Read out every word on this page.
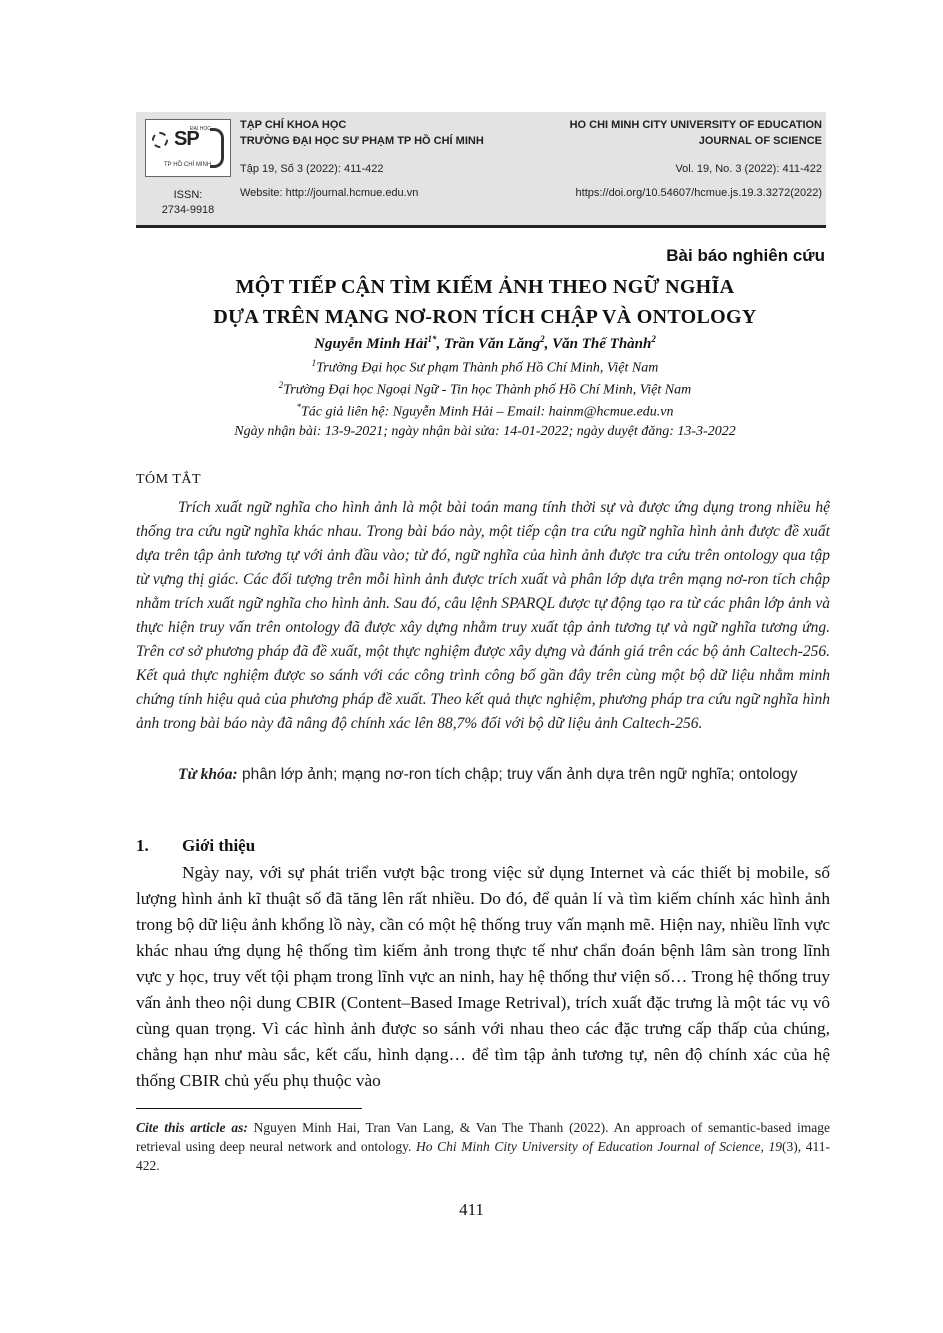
ĐẠI HỌC
SP
TP HỒ CHÍ MINH
ISSN:
2734-9918
TẠP CHÍ KHOA HỌC
TRƯỜNG ĐẠI HỌC SƯ PHẠM TP HỒ CHÍ MINH
Tập 19, Số 3 (2022): 411-422
Website: http://journal.hcmue.edu.vn
HO CHI MINH CITY UNIVERSITY OF EDUCATION
JOURNAL OF SCIENCE
Vol. 19, No. 3 (2022): 411-422
https://doi.org/10.54607/hcmue.js.19.3.3272(2022)
Bài báo nghiên cứu
MỘT TIẾP CẬN TÌM KIẾM ẢNH THEO NGỮ NGHĨA
DỰA TRÊN MẠNG NƠ-RON TÍCH CHẬP VÀ ONTOLOGY
Nguyễn Minh Hải$^{1*}$, Trần Văn Lăng$^2$, Văn Thế Thành$^2$
$^1$Trường Đại học Sư phạm Thành phố Hồ Chí Minh, Việt Nam
$^2$Trường Đại học Ngoại Ngữ - Tin học Thành phố Hồ Chí Minh, Việt Nam
*Tác giả liên hệ: Nguyễn Minh Hải – Email: hainm@hcmue.edu.vn
Ngày nhận bài: 13-9-2021; ngày nhận bài sửa: 14-01-2022; ngày duyệt đăng: 13-3-2022
TÓM TẮT
Trích xuất ngữ nghĩa cho hình ảnh là một bài toán mang tính thời sự và được ứng dụng trong nhiều hệ thống tra cứu ngữ nghĩa khác nhau. Trong bài báo này, một tiếp cận tra cứu ngữ nghĩa hình ảnh được đề xuất dựa trên tập ảnh tương tự với ảnh đầu vào; từ đó, ngữ nghĩa của hình ảnh được tra cứu trên ontology qua tập từ vựng thị giác. Các đối tượng trên mỗi hình ảnh được trích xuất và phân lớp dựa trên mạng nơ-ron tích chập nhằm trích xuất ngữ nghĩa cho hình ảnh. Sau đó, câu lệnh SPARQL được tự động tạo ra từ các phân lớp ảnh và thực hiện truy vấn trên ontology đã được xây dựng nhằm truy xuất tập ảnh tương tự và ngữ nghĩa tương ứng. Trên cơ sở phương pháp đã đề xuất, một thực nghiệm được xây dựng và đánh giá trên các bộ ảnh Caltech-256. Kết quả thực nghiệm được so sánh với các công trình công bố gần đây trên cùng một bộ dữ liệu nhằm minh chứng tính hiệu quả của phương pháp đề xuất. Theo kết quả thực nghiệm, phương pháp tra cứu ngữ nghĩa hình ảnh trong bài báo này đã nâng độ chính xác lên 88,7% đối với bộ dữ liệu ảnh Caltech-256.
Từ khóa: phân lớp ảnh; mạng nơ-ron tích chập; truy vấn ảnh dựa trên ngữ nghĩa; ontology
1. Giới thiệu
Ngày nay, với sự phát triển vượt bậc trong việc sử dụng Internet và các thiết bị mobile, số lượng hình ảnh kĩ thuật số đã tăng lên rất nhiều. Do đó, để quản lí và tìm kiếm chính xác hình ảnh trong bộ dữ liệu ảnh khổng lồ này, cần có một hệ thống truy vấn mạnh mẽ. Hiện nay, nhiều lĩnh vực khác nhau ứng dụng hệ thống tìm kiếm ảnh trong thực tế như chẩn đoán bệnh lâm sàn trong lĩnh vực y học, truy vết tội phạm trong lĩnh vực an ninh, hay hệ thống thư viện số… Trong hệ thống truy vấn ảnh theo nội dung CBIR (Content–Based Image Retrival), trích xuất đặc trưng là một tác vụ vô cùng quan trọng. Vì các hình ảnh được so sánh với nhau theo các đặc trưng cấp thấp của chúng, chẳng hạn như màu sắc, kết cấu, hình dạng… để tìm tập ảnh tương tự, nên độ chính xác của hệ thống CBIR chủ yếu phụ thuộc vào
Cite this article as: Nguyen Minh Hai, Tran Van Lang, & Van The Thanh (2022). An approach of semantic-based image retrieval using deep neural network and ontology. Ho Chi Minh City University of Education Journal of Science, 19(3), 411-422.
411
